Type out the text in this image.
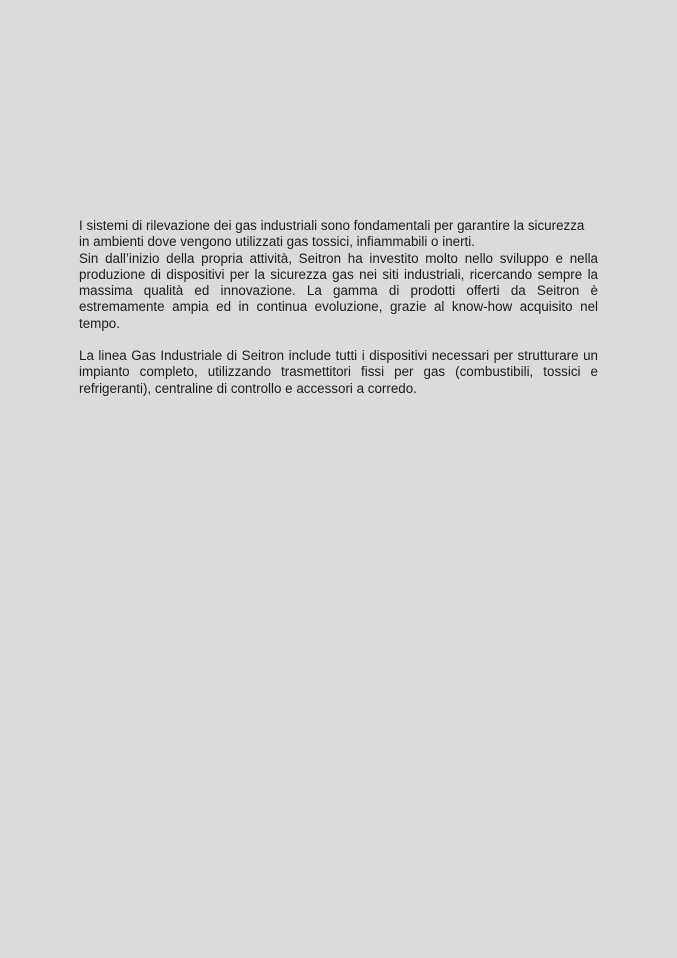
I sistemi di rilevazione dei gas industriali sono fondamentali per garantire la sicurezza in ambienti dove vengono utilizzati gas tossici, infiammabili o inerti.

Sin dall’inizio della propria attività, Seitron ha investito molto nello sviluppo e nella produzione di dispositivi per la sicurezza gas nei siti industriali, ricercando sempre la massima qualità ed innovazione. La gamma di prodotti offerti da Seitron è estremamente ampia ed in continua evoluzione, grazie al know-how acquisito nel tempo.

La linea Gas Industriale di Seitron include tutti i dispositivi necessari per strutturare un impianto completo, utilizzando trasmettitori fissi per gas (combustibili, tossici e refrigeranti), centraline di controllo e accessori a corredo.
